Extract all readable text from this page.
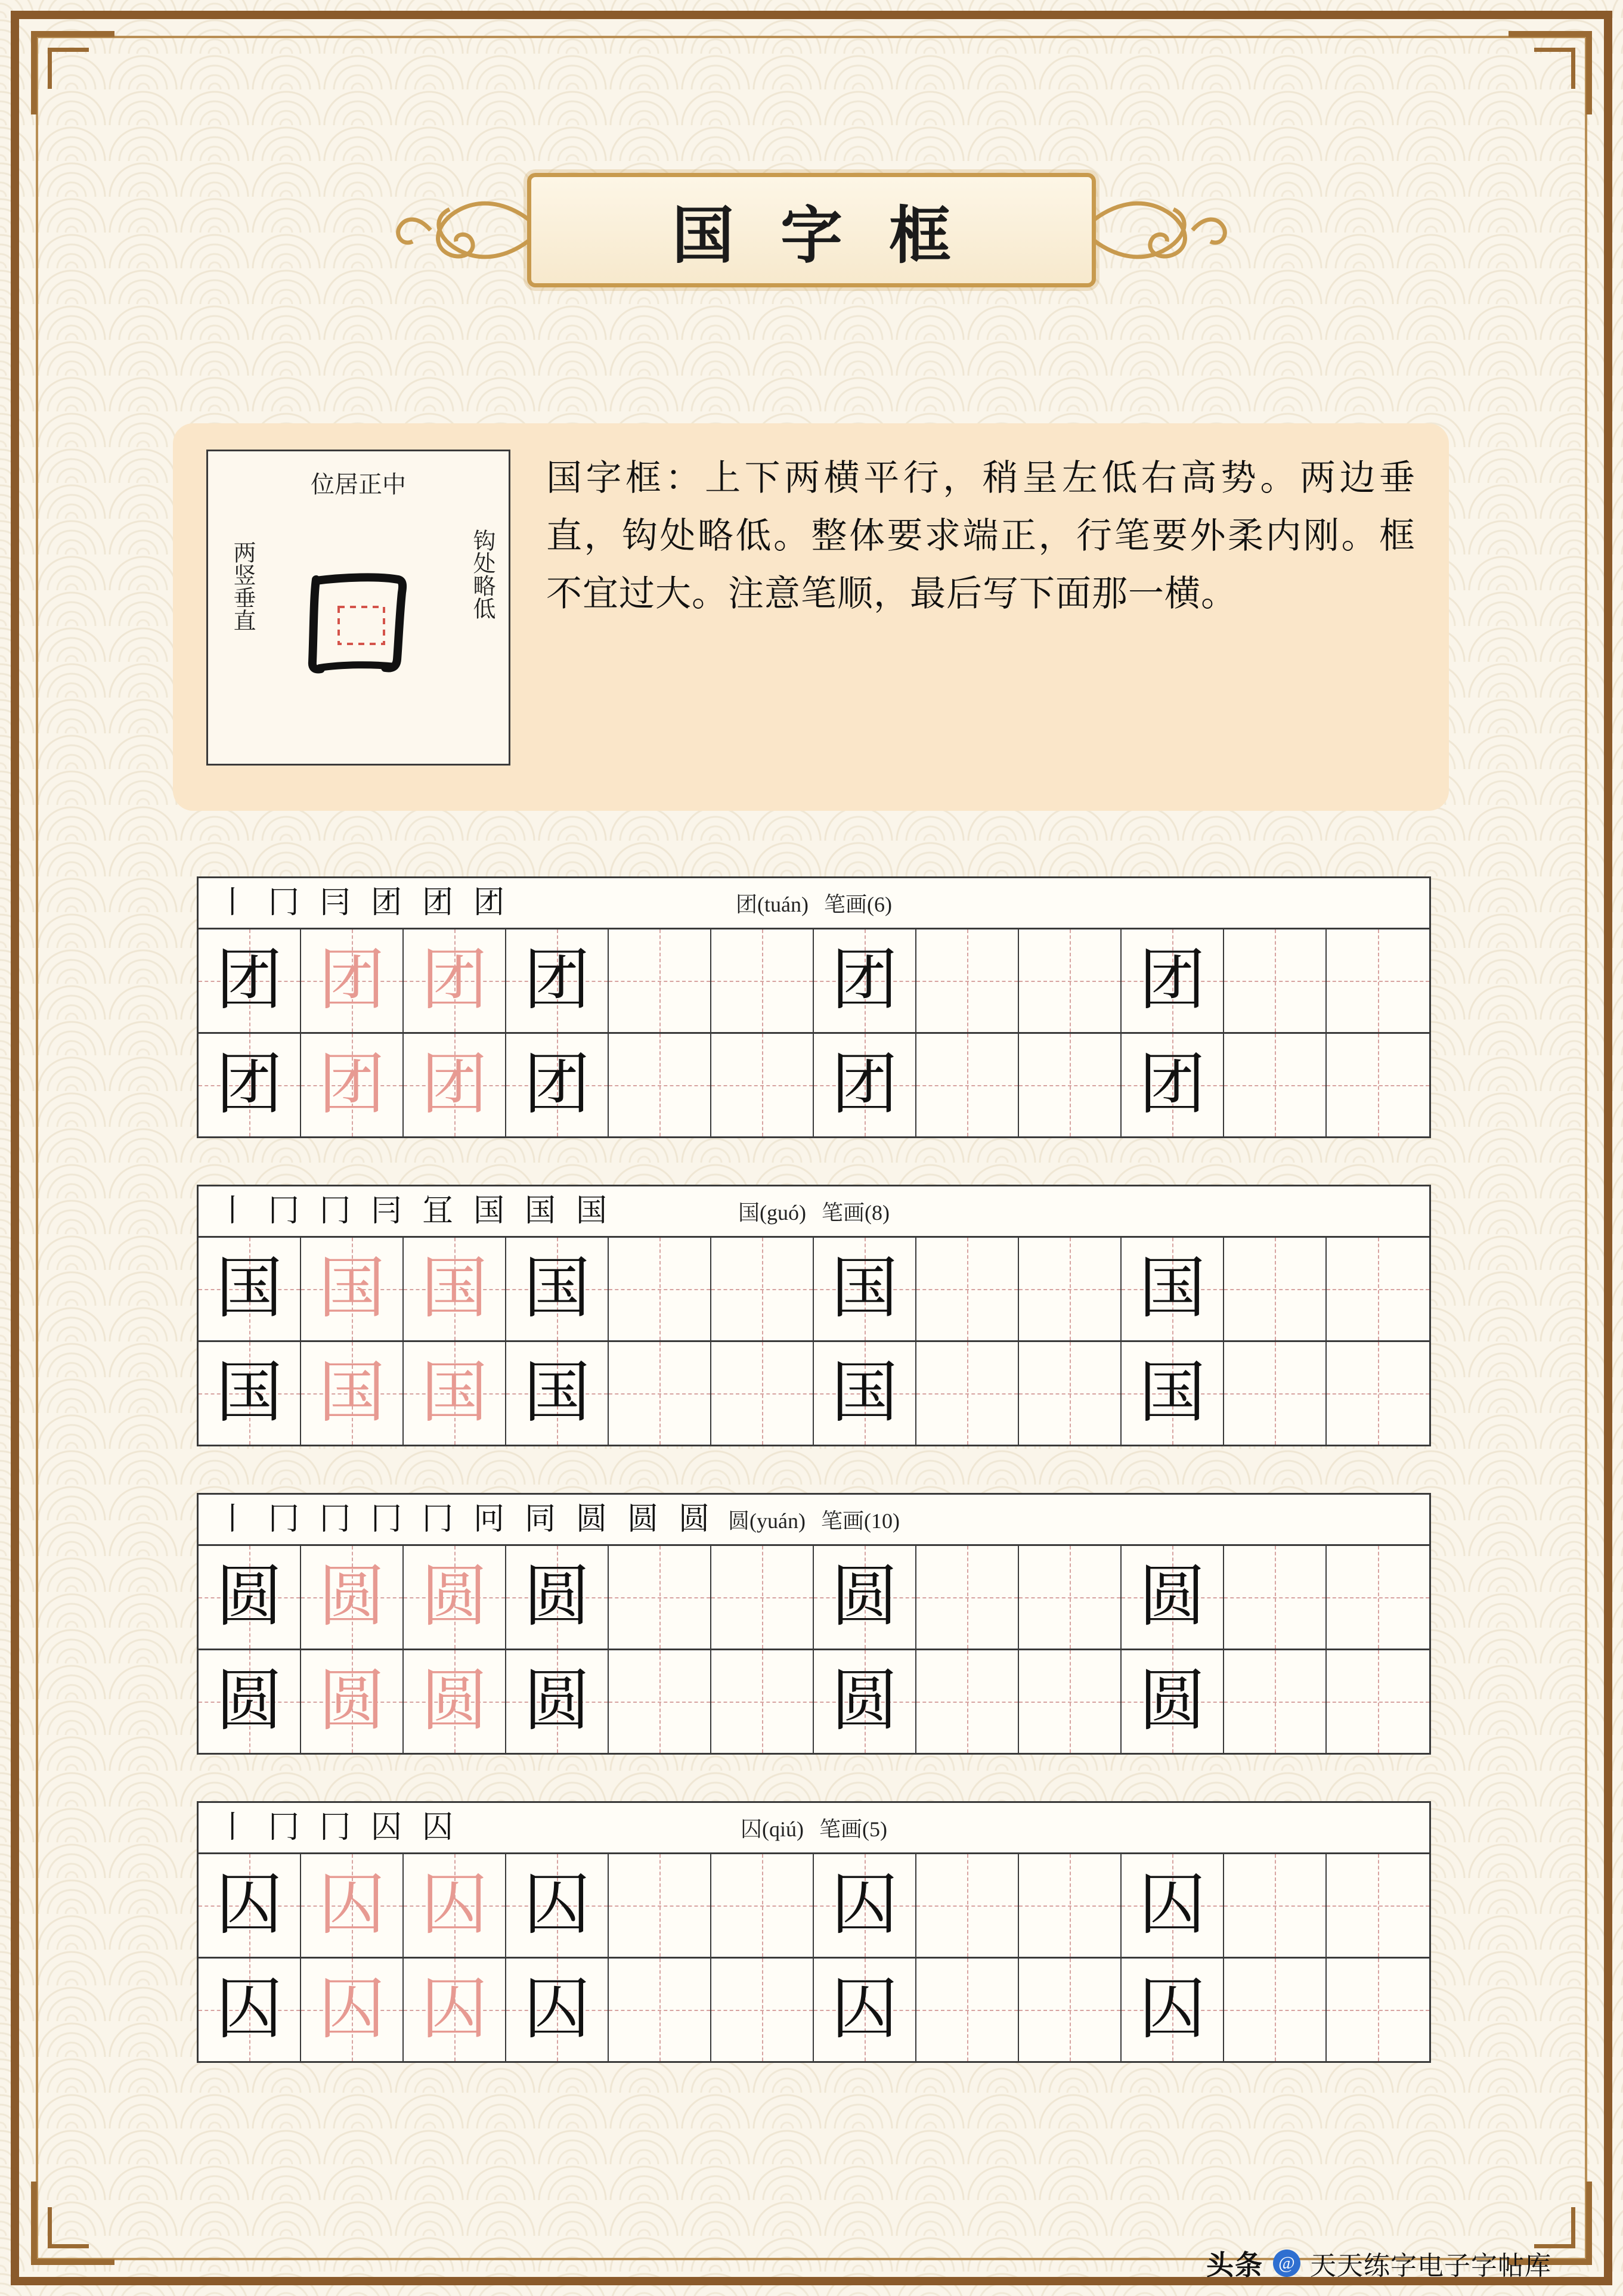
国 字 框
位居正中
两竖垂直	钩处略低
国字框：上下两横平行，稍呈左低右高势。两边垂直，钩处略低。整体要求端正，行笔要外柔内刚。框不宜过大。注意笔顺，最后写下面那一横。
丨 冂 冃 团 团 团	团(tuán) 笔画(6)
团 团 团 团	团	团
团 团 团 团	团	团
丨 冂 冂 冃 冝 国 国 国	国(guó) 笔画(8)
国 国 国 国	国	国
国 国 国 国	国	国
丨 冂 冂 冂 冂 冋 同 圆 圆 圆 圆(yuán) 笔画(10)
圆 圆 圆 圆	圆	圆
圆 圆 圆 圆	圆	圆
丨 冂 冂 囚 囚	囚(qiú) 笔画(5)
囚 囚 囚 囚	囚	囚
囚 囚 囚 囚	囚	囚
头条 @ 天天练字电子字帖库
